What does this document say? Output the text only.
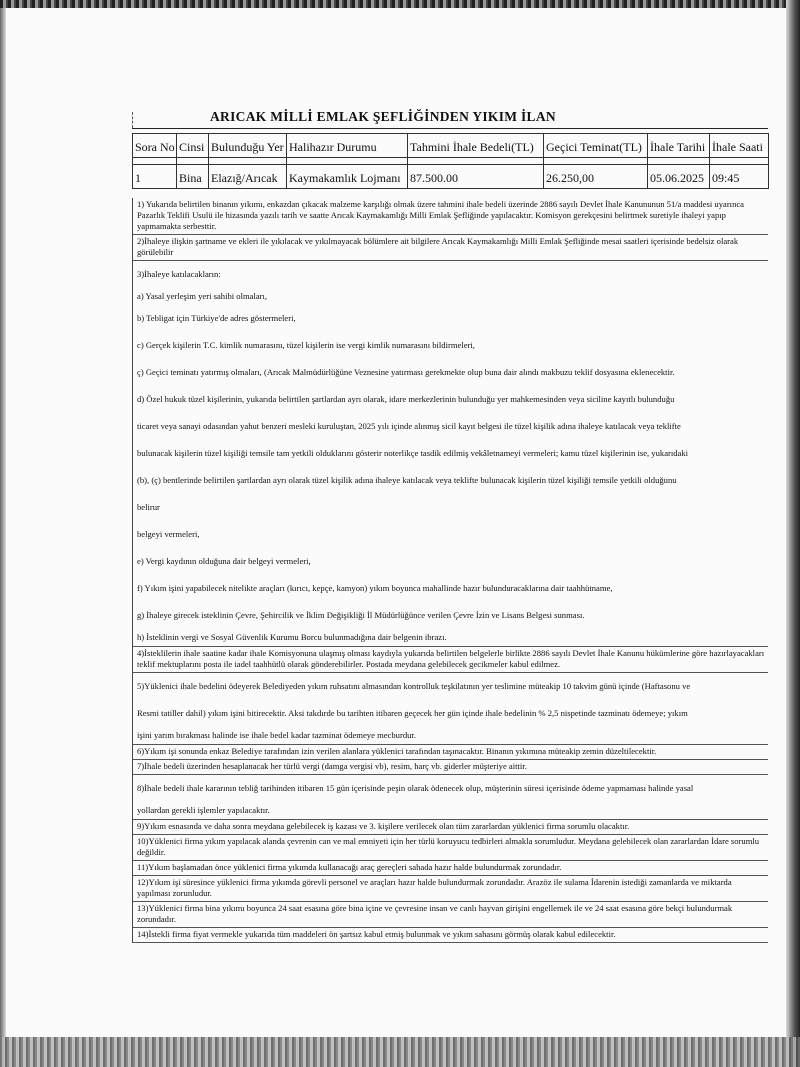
ARICAK MİLLİ EMLAK ŞEFLİĞİNDEN YIKIM İLAN
Sora No	Cinsi	Bulunduğu Yer	Halihazır Durumu	Tahmini İhale Bedeli(TL)	Geçici Teminat(TL)	İhale Tarihi	İhale Saati

1	Bina	Elazığ/Arıcak	Kaymakamlık Lojmanı	87.500.00	26.250,00	05.06.2025	09:45
1) Yukarıda belirtilen binanın yıkımı, enkazdan çıkacak malzeme karşılığı olmak üzere tahmini ihale bedeli üzerinde 2886 sayılı Devlet İhale Kanununun 51/a maddesi uyarınca Pazarlık Teklifi Usulü ile hizasında yazılı tarih ve saatte Arıcak Kaymakamlığı Milli Emlak Şefliğinde yapılacaktır. Komisyon gerekçesini belirtmek suretiyle ihaleyi yapıp yapmamakta serbesttir.
2)İhaleye ilişkin şartname ve ekleri ile yıkılacak ve yıkılmayacak bölümlere ait bilgilere Arıcak Kaymakamlığı Milli Emlak Şefliğinde mesai saatleri içerisinde bedelsiz olarak görülebilir
3)İhaleye katılacakların:
a) Yasal yerleşim yeri sahibi olmaları,
b) Tebligat için Türkiye'de adres göstermeleri,
c) Gerçek kişilerin T.C. kimlik numarasını, tüzel kişilerin ise vergi kimlik numarasını bildirmeleri,
ç) Geçici teminatı yatırmış olmaları, (Arıcak Malmüdürlüğüne Veznesine yatırması gerekmekte olup buna dair alındı makbuzu teklif dosyasına eklenecektir.
d) Özel hukuk tüzel kişilerinin, yukarıda belirtilen şartlardan ayrı olarak, idare merkezlerinin bulunduğu yer mahkemesinden veya siciline kayıtlı bulunduğu
ticaret veya sanayi odasından yahut benzeri mesleki kuruluştan, 2025 yılı içinde alınmış sicil kayıt belgesi ile tüzel kişilik adına ihaleye katılacak veya teklifte
bulunacak kişilerin tüzel kişiliği temsile tam yetkili olduklarını gösterir noterlikçe tasdik edilmiş vekâletnameyi vermeleri; kamu tüzel kişilerinin ise, yukarıdaki
(b), (ç) bentlerinde belirtilen şartlardan ayrı olarak tüzel kişilik adına ihaleye katılacak veya teklifte bulunacak kişilerin tüzel kişiliği temsile yetkili olduğunu
belirur
belgeyi vermeleri,
e) Vergi kaydının olduğuna dair belgeyi vermeleri,
f) Yıkım işini yapabilecek nitelikte araçları (kırıcı, kepçe, kamyon) yıkım boyunca mahallinde hazır bulunduracaklarına dair taahhütname,
g) İhaleye girecek isteklinin Çevre, Şehircilik ve İklim Değişikliği İl Müdürlüğünce verilen Çevre İzin ve Lisans Belgesi sunması.
h) İsteklinin vergi ve Sosyal Güvenlik Kurumu Borcu bulunmadığına dair belgenin ibrazı.
4)İsteklilerin ihale saatine kadar ihale Komisyonuna ulaşmış olması kaydıyla yukarıda belirtilen belgelerle birlikte 2886 sayılı Devlet İhale Kanunu hükümlerine göre hazırlayacakları teklif mektuplarını posta ile iadel taahhütlü olarak gönderebilirler. Postada meydana gelebilecek gecikmeler kabul edilmez.
5)Yüklenici ihale bedelini ödeyerek Belediyeden yıkım ruhsatını almasından kontrolluk teşkilatının yer teslimine müteakip 10 takvim günü içinde (Haftasonu ve
Resmi tatiller dahil) yıkım işini bitirecektir. Aksi takdırde bu tarihten itibaren geçecek her gün içinde ihale bedelinin % 2,5 nispetinde tazminatı ödemeye; yıkım
işini yarım bırakması halinde ise ihale bedel kadar tazminat ödemeye mecburdur.
6)Yıkım işi sonunda enkaz Belediye tarafından izin verilen alanlara yüklenici tarafından taşınacaktır. Binanın yıkımına müteakip zemin düzeltilecektir.
7)İhale bedeli üzerinden hesaplanacak her türlü vergi (damga vergisi vb), resim, harç vb. giderler müşteriye aittir.
8)İhale bedeli ihale kararının tebliğ tarihinden itibaren 15 gün içerisinde peşin olarak ödenecek olup, müşterinin süresi içerisinde ödeme yapmaması halinde yasal
yollardan gerekli işlemler yapılacaktır.
9)Yıkım esnasında ve daha sonra meydana gelebilecek iş kazası ve 3. kişilere verilecek olan tüm zararlardan yüklenici firma sorumlu olacaktır.
10)Yüklenici firma yıkım yapılacak alanda çevrenin can ve mal emniyeti için her türlü koruyucu tedbirleri almakla sorumludur. Meydana gelebilecek olan zararlardan İdare sorumlu değildir.
11)Yıkım başlamadan önce yüklenici firma yıkımda kullanacağı araç gereçleri sahada hazır halde bulundurmak zorundadır.
12)Yıkım işi süresince yüklenici firma yıkımda görevli personel ve araçları hazır halde bulundurmak zorundadır. Arazöz ile sulama İdarenin istediği zamanlarda ve miktarda yapılması zorunludur.
13)Yüklenici firma bina yıkımı boyunca 24 saat esasına göre bina içine ve çevresine insan ve canlı hayvan girişini engellemek ile ve 24 saat esasına göre bekçi bulundurmak zorundadır.
14)İstekli firma fiyat vermekle yukarıda tüm maddeleri ön şartsız kabul etmiş bulunmak ve yıkım sahasını görmüş olarak kabul edilecektir.
